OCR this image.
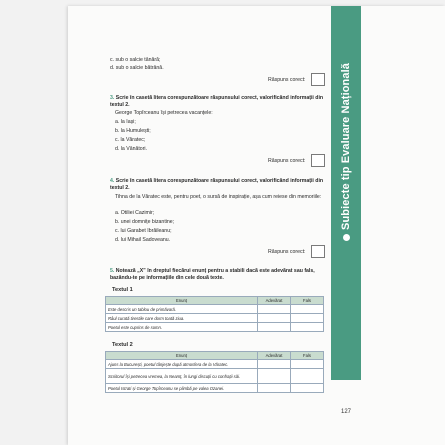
Subiecte tip Evaluare Națională
c. sub o salcie tânără;
d. sub o salcie bătrână.
Răspuns corect:
3. Scrie în casetă litera corespunzătoare răspunsului corect, valorificând informații din textul 2.
George Topîrceanu își petrecea vacanțele:
a. la Iași;
b. la Humulești;
c. la Văratec;
d. la Vânători.
Răspuns corect:
4. Scrie în casetă litera corespunzătoare răspunsului corect, valorificând informații din textul 2.
Tihna de la Văratec este, pentru poet, o sursă de inspirație, așa cum reiese din memoriile:
a. Otiliei Cazimir;
b. unei domnițe bizantine;
c. lui Garabet Ibrăileanu;
d. lui Mihail Sadoveanu.
Răspuns corect:
5. Notează „X” în dreptul fiecărui enunț pentru a stabili dacă este adevărat sau fals, bazându-te pe informațiile din cele două texte.
Textul 1
Enunț	Adevărat	Fals
Este descris un tablou de primăvară.		
Râul curată tirestile care dorm toată ziua.		
Poetul este cuprins de somn.		
Textul 2
Enunț	Adevărat	Fals
Ajuns la București, poetul tânjește după atmosfera de la Văratec.		
Scriitorul își petrecea vremea, la Neamț, în lungi discuții cu confrații săi.		
Poetul Istrati și George Topîrceanu se plimbă pe valea Ozanei.		
127
